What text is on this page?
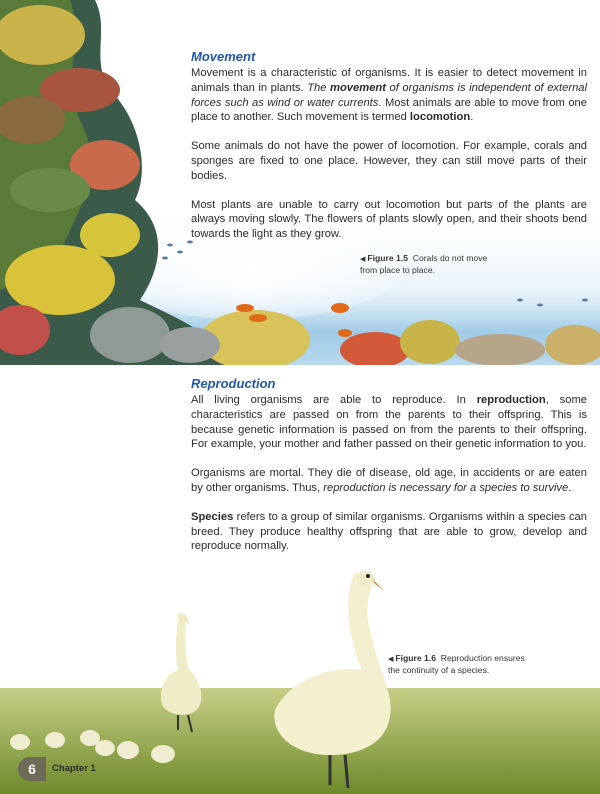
Movement

Movement is a characteristic of organisms. It is easier to detect movement in animals than in plants. The movement of organisms is independent of external forces such as wind or water currents. Most animals are able to move from one place to another. Such movement is termed locomotion.

Some animals do not have the power of locomotion. For example, corals and sponges are fixed to one place. However, they can still move parts of their bodies.

Most plants are unable to carry out locomotion but parts of the plants are always moving slowly. The flowers of plants slowly open, and their shoots bend towards the light as they grow.

◀ Figure 1.5 Corals do not move
from place to place.
Reproduction

All living organisms are able to reproduce. In reproduction, some characteristics are passed on from the parents to their offspring. This is because genetic information is passed on from the parents to their offspring. For example, your mother and father passed on their genetic information to you.

Organisms are mortal. They die of disease, old age, in accidents or are eaten by other organisms. Thus, reproduction is necessary for a species to survive.

Species refers to a group of similar organisms. Organisms within a species can breed. They produce healthy offspring that are able to grow, develop and reproduce normally.

◀ Figure 1.6 Reproduction ensures
the continuity of a species.
6	Chapter 1
